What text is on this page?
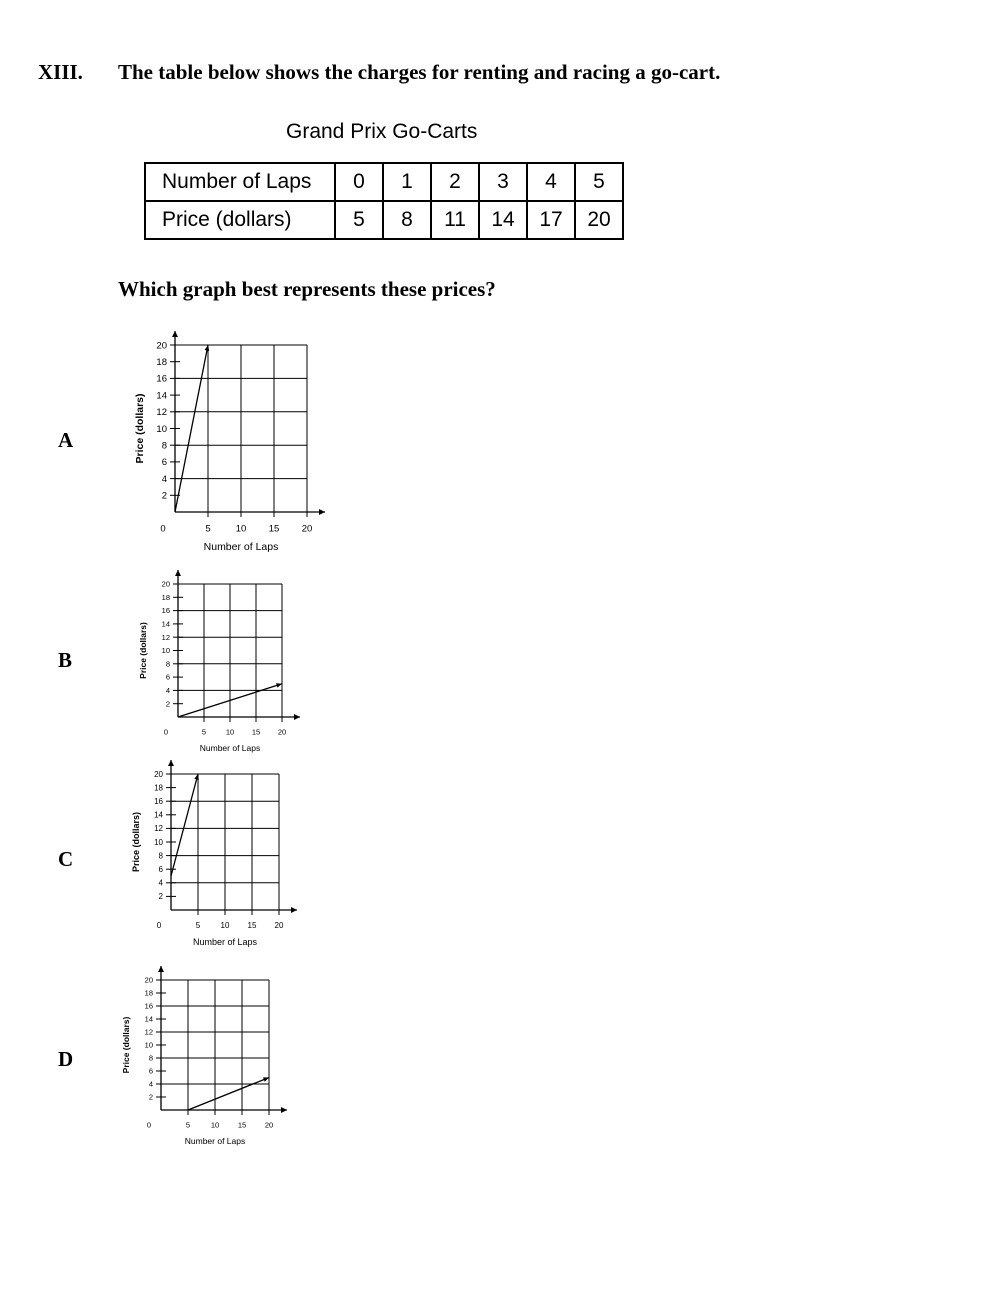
XIII. The table below shows the charges for renting and racing a go-cart.
Grand Prix Go-Carts
Number of Laps	0	1	2	3	4	5
Price (dollars)	5	8	11	14	17	20
Which graph best represents these prices?
A
B
C
D
5	10 15 20
2
4
6
8
10
12
14
16
18
20
0
Number of Laps
Price (dollars)
5	10 15 20
2
4
6
8
10
12
14
16
18
20
0
Number of Laps
Price (dollars)
5	10 15 20
2
4
6
8
10
12
14
16
18
20
0
Number of Laps
Price (dollars)
5	10 15 20
2
4
6
8
10
12
14
16
18
20
0
Number of Laps
Price (dollars)
